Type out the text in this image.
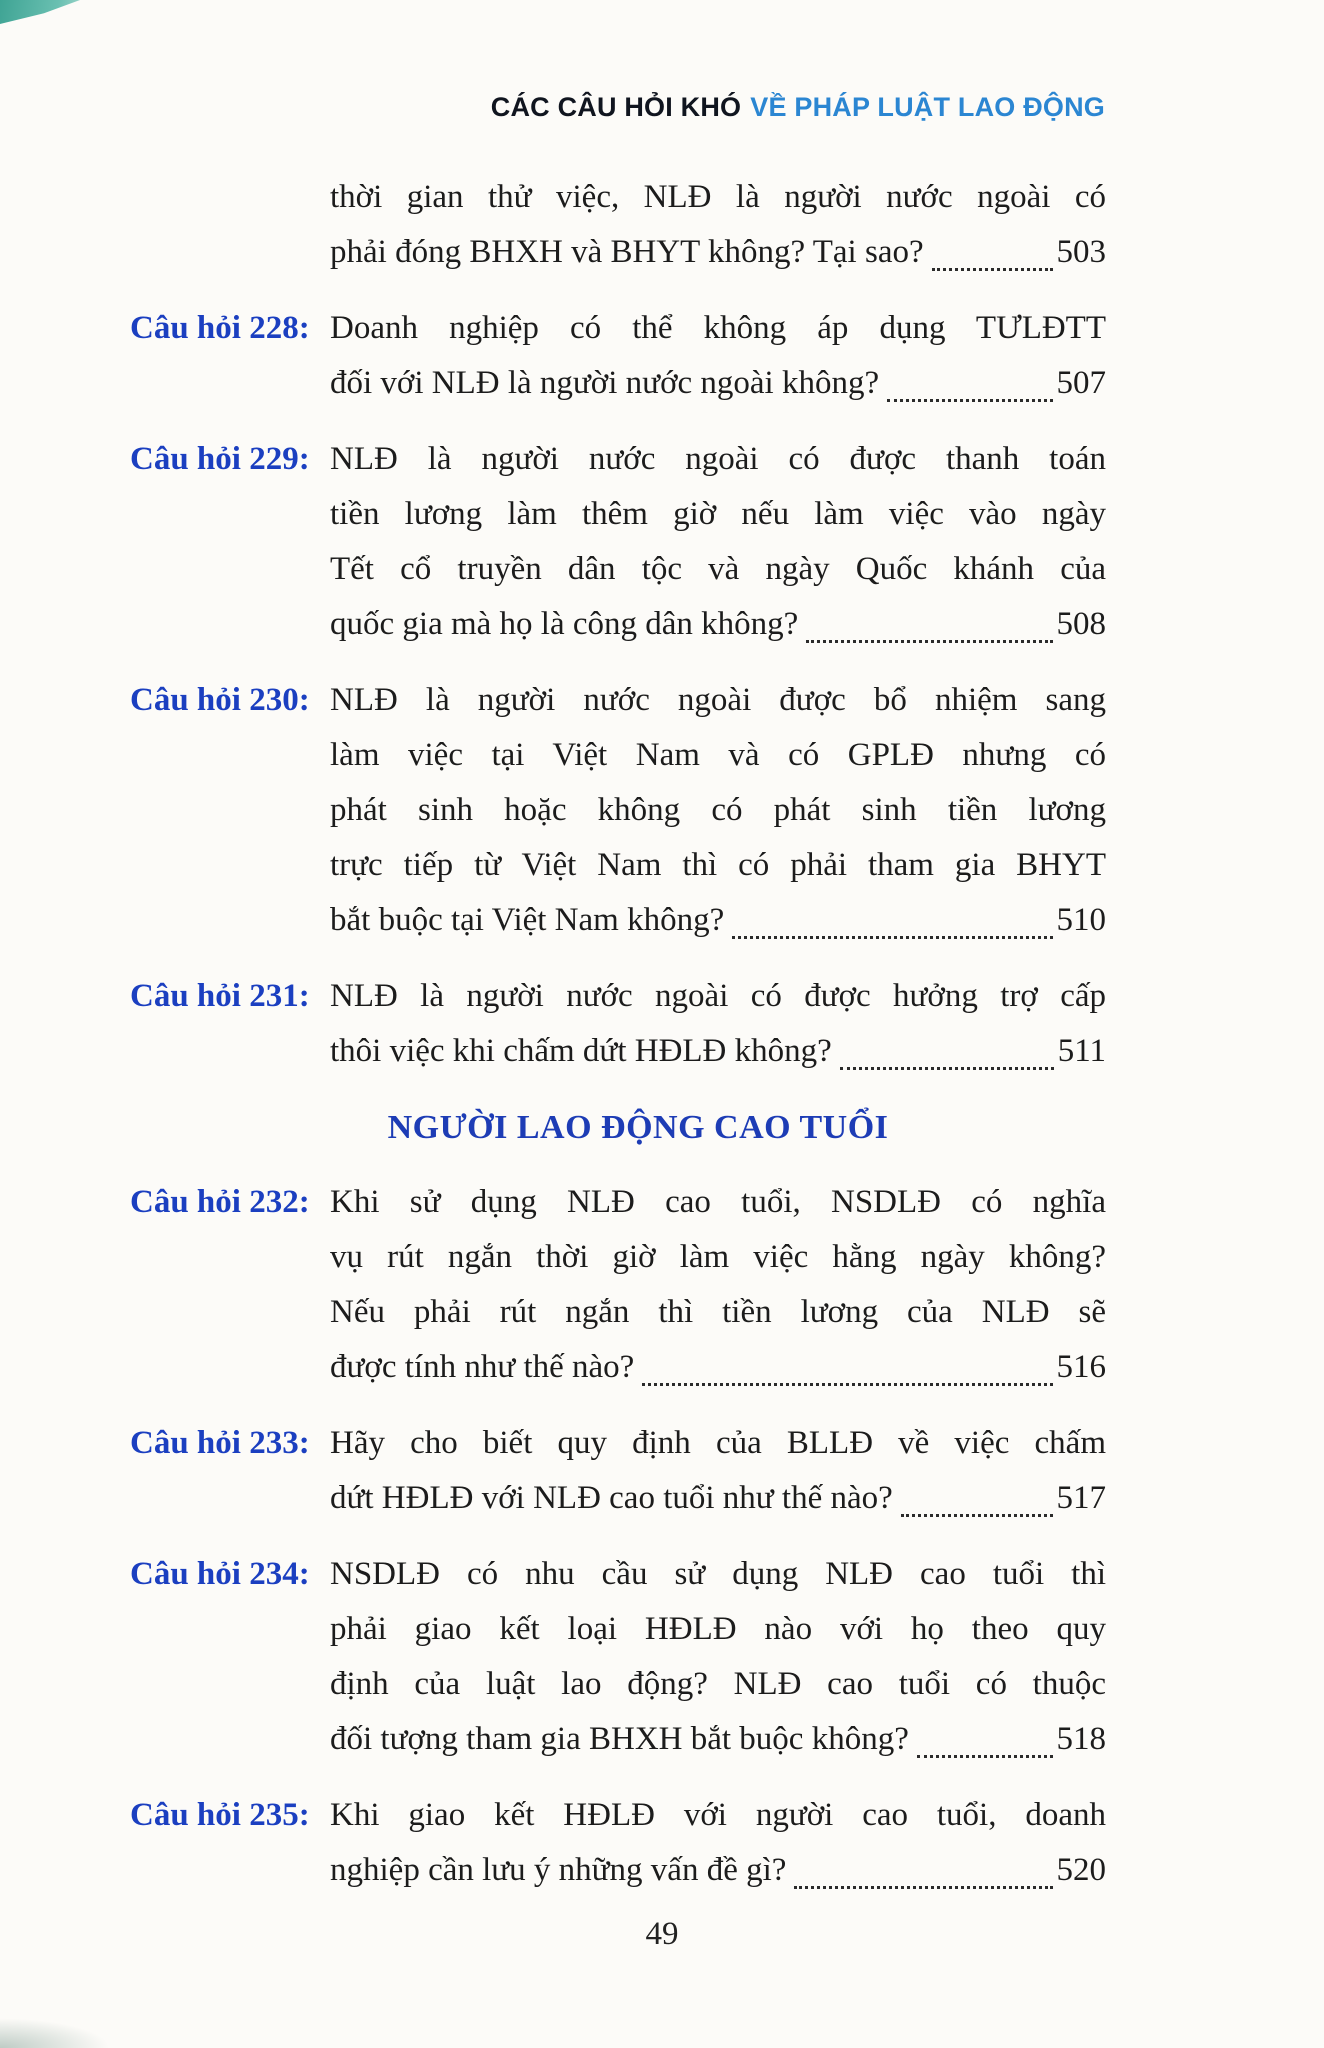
CÁC CÂU HỎI KHÓ VỀ PHÁP LUẬT LAO ĐỘNG
thời gian thử việc, NLĐ là người nước ngoài có
phải đóng BHXH và BHYT không? Tại sao?	503
Câu hỏi 228: Doanh nghiệp có thể không áp dụng TƯLĐTT
đối với NLĐ là người nước ngoài không?	507
Câu hỏi 229: NLĐ là người nước ngoài có được thanh toán
tiền lương làm thêm giờ nếu làm việc vào ngày
Tết cổ truyền dân tộc và ngày Quốc khánh của
quốc gia mà họ là công dân không?	508
Câu hỏi 230: NLĐ là người nước ngoài được bổ nhiệm sang
làm việc tại Việt Nam và có GPLĐ nhưng có
phát sinh hoặc không có phát sinh tiền lương
trực tiếp từ Việt Nam thì có phải tham gia BHYT
bắt buộc tại Việt Nam không?	510
Câu hỏi 231: NLĐ là người nước ngoài có được hưởng trợ cấp
thôi việc khi chấm dứt HĐLĐ không?	511
NGƯỜI LAO ĐỘNG CAO TUỔI
Câu hỏi 232: Khi sử dụng NLĐ cao tuổi, NSDLĐ có nghĩa
vụ rút ngắn thời giờ làm việc hằng ngày không?
Nếu phải rút ngắn thì tiền lương của NLĐ sẽ
được tính như thế nào?	516
Câu hỏi 233: Hãy cho biết quy định của BLLĐ về việc chấm
dứt HĐLĐ với NLĐ cao tuổi như thế nào?	517
Câu hỏi 234: NSDLĐ có nhu cầu sử dụng NLĐ cao tuổi thì
phải giao kết loại HĐLĐ nào với họ theo quy
định của luật lao động? NLĐ cao tuổi có thuộc
đối tượng tham gia BHXH bắt buộc không?	518
Câu hỏi 235: Khi giao kết HĐLĐ với người cao tuổi, doanh
nghiệp cần lưu ý những vấn đề gì?	520
49
